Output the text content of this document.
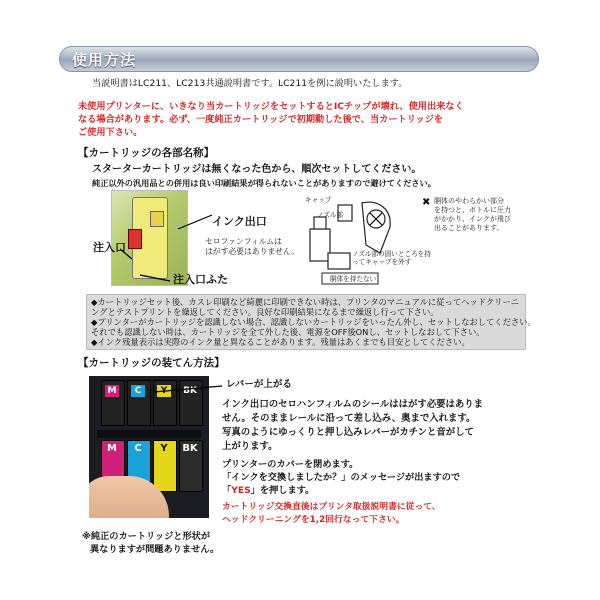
使用方法
当説明書はLC211、LC213共通説明書です。LC211を例に説明いたします。
未使用プリンターに、いきなり当カートリッジをセットするとICチップが壊れ、使用出来なく
なる場合があります。必ず、一度純正カートリッジで初期動した後で、当カートリッジを
ご使用下さい。
【カートリッジの各部名称】
スターターカートリッジは無くなった色から、順次セットしてください。
純正以外の汎用品との併用は良い印刷結果が得られないことがありますので避けてください。
インク出口
セロファンフィルムは
はがす必要はありません。
注入口
注入口ふた
キャップ
ノズル部
✖ 胴体のやわらかい部分
を持つと、ボトルに圧力
がかかり、インクが飛び
出ることがあります。
ノズル部の固いところを持
ってキャップを外す
胴体を持たない
◆カートリッジセット後、カスレ印刷など綺麗に印刷できない時は、プリンタのマニュアルに従ってヘッドクリーニ
ングとテストプリントを繰返してください。良好な印刷結果になるまで繰返し行って下さい。
◆プリンターがカートリッジを認識しない場合、認識しないカートリッジをいったん外し、セットしなおしてください。
それでも認識しない時は、カートリッジを全て外した後、電源をOFF後ONし、セットしなおして下さい。
◆インク残量表示は実際のインク量と異なることがあります。残量はあくまでも目安としてください。
【カートリッジの装てん方法】
M	C	Y	BK
M	C	Y	BK
レバーが上がる
インク出口のセロハンフィルムのシールははがす必要はありま
せん。そのままレールに沿って差し込み、奥まで入れます。
写真のようにゆっくりと押し込みレバーがカチンと音がして
上がります。
プリンターのカバーを閉めます。
「インクを交換しましたか？」のメッセージが出ますので
「YES」を押します。
カートリッジ交換直後はプリンタ取扱説明書に従って、
ヘッドクリーニングを1,2回行なって下さい。
※純正のカートリッジと形状が
異なりますが問題ありません。
